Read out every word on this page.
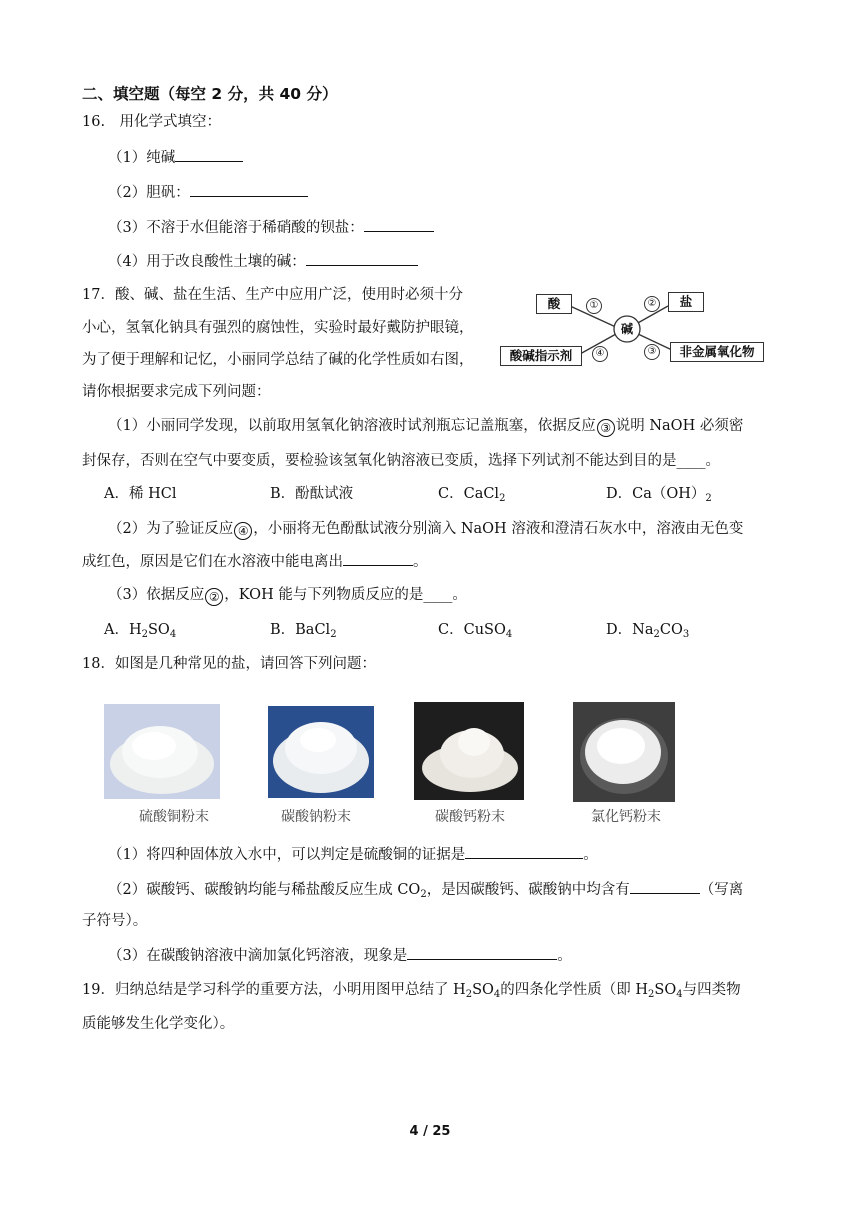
二、填空题（每空 2 分，共 40 分）
16.　用化学式填空：
（1）纯碱
（2）胆矾：
（3）不溶于水但能溶于稀硝酸的钡盐：
（4）用于改良酸性土壤的碱：
17．酸、碱、盐在生活、生产中应用广泛，使用时必须十分
小心，氢氧化钠具有强烈的腐蚀性，实验时最好戴防护眼镜，
为了便于理解和记忆，小丽同学总结了碱的化学性质如右图，
请你根据要求完成下列问题：
碱
酸	盐
酸碱指示剂	非金属氧化物
①	②
③
④
（1）小丽同学发现，以前取用氢氧化钠溶液时试剂瓶忘记盖瓶塞，依据反应 ③ 说明 NaOH 必须密
封保存，否则在空气中要变质，要检验该氢氧化钠溶液已变质，选择下列试剂不能达到目的是____。
A．稀 HCl	B．酚酞试液	C．CaCl$_2$	D．$Ca(OH)_2$
（2）为了验证反应 ④ ，小丽将无色酚酞试液分别滴入 NaOH 溶液和澄清石灰水中，溶液由无色变
成红色，原因是它们在水溶液中能电离出	。
（3）依据反应 ② ，KOH 能与下列物质反应的是____。
A．$H_2SO_4$	B．BaCl$_2$	C．CuSO$_4$	D．$Na_2CO_3$
18．如图是几种常见的盐，请回答下列问题：
硫酸铜粉末	碳酸钠粉末	碳酸钙粉末	氯化钙粉末
（1）将四种固体放入水中，可以判定是硫酸铜的证据是	。
（2）碳酸钙、碳酸钠均能与稀盐酸反应生成 $CO_2$，是因碳酸钙、碳酸钠中均含有	（写离
子符号）。
（3）在碳酸钠溶液中滴加氯化钙溶液，现象是	。
19．归纳总结是学习科学的重要方法，小明用图甲总结了 $H_2SO_4$的四条化学性质（即 $H_2SO_4$与四类物
质能够发生化学变化）。
4 / 25
